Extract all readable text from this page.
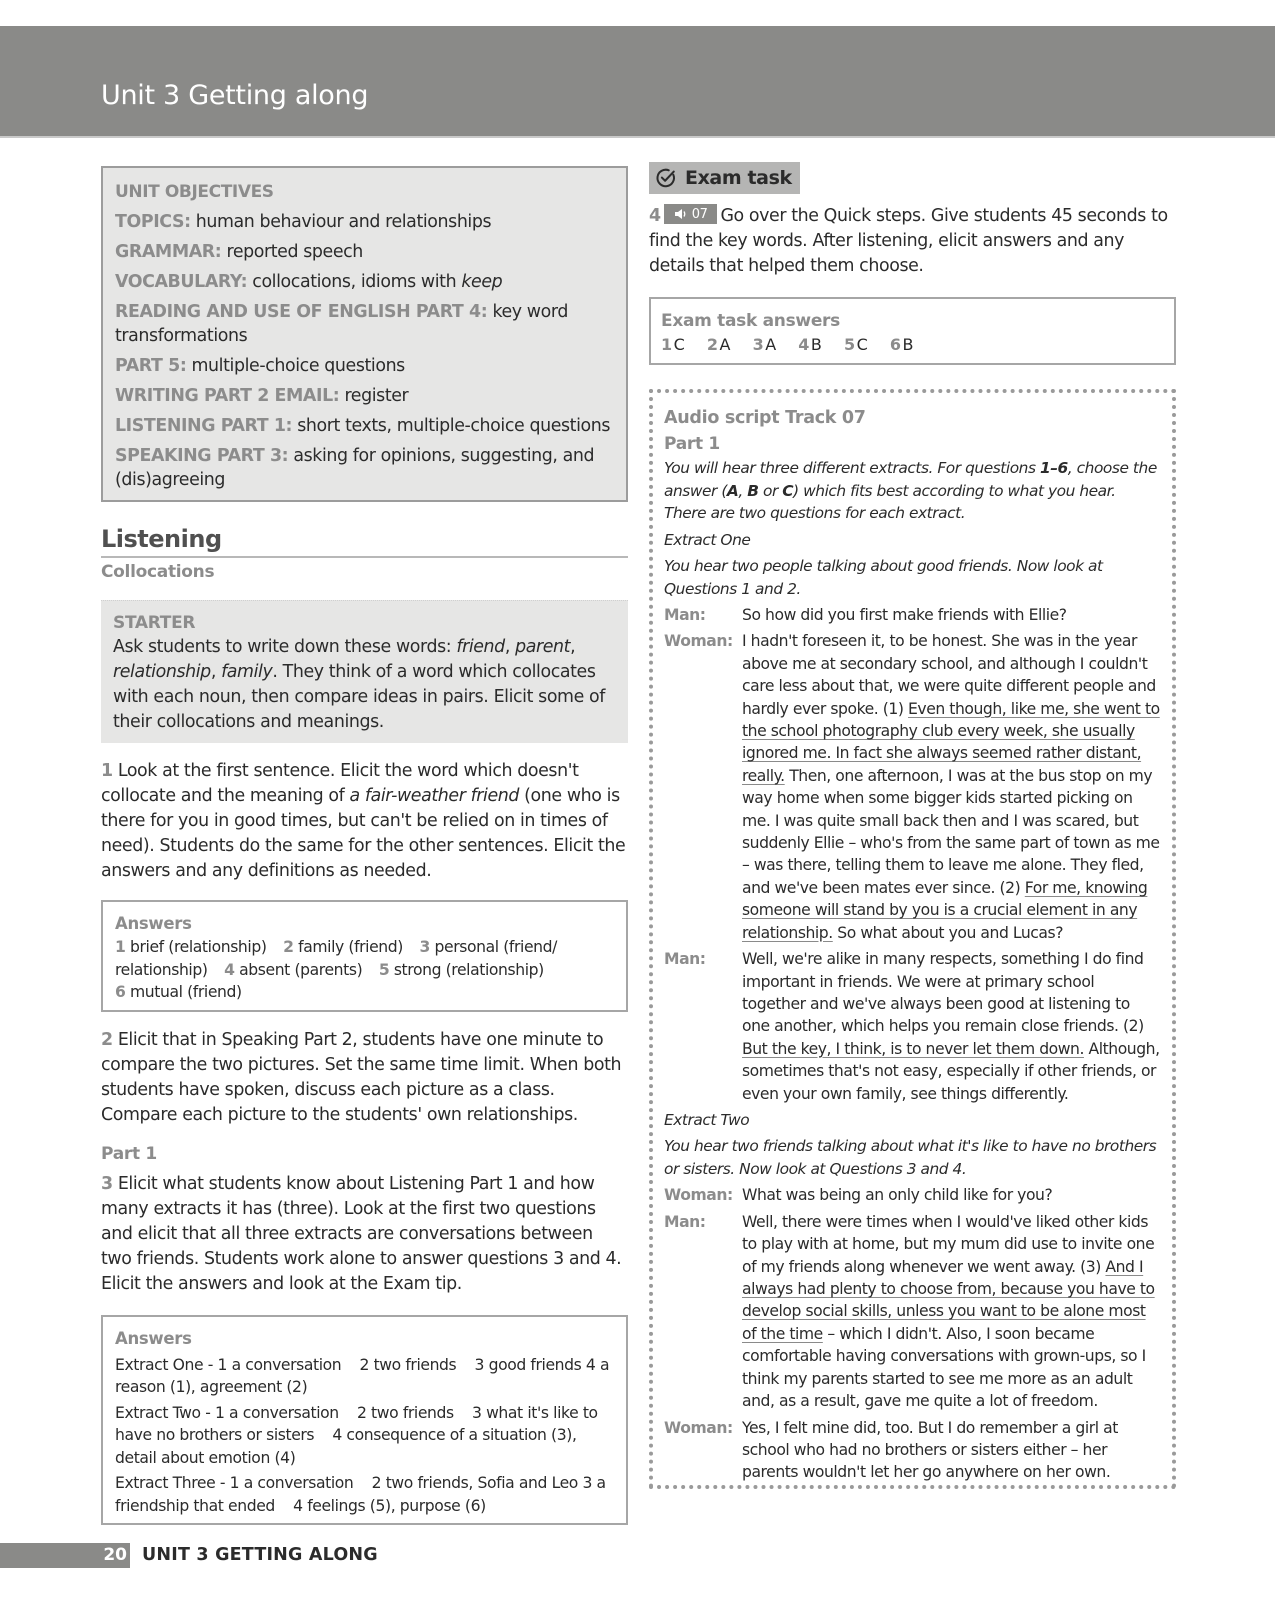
Unit 3 Getting along
UNIT OBJECTIVES
TOPICS: human behaviour and relationships
GRAMMAR: reported speech
VOCABULARY: collocations, idioms with keep
READING AND USE OF ENGLISH PART 4: key word transformations
PART 5: multiple-choice questions
WRITING PART 2 EMAIL: register
LISTENING PART 1: short texts, multiple-choice questions
SPEAKING PART 3: asking for opinions, suggesting, and (dis)agreeing
Listening
Collocations
STARTER
Ask students to write down these words: friend, parent, relationship, family. They think of a word which collocates with each noun, then compare ideas in pairs. Elicit some of their collocations and meanings.
1 Look at the first sentence. Elicit the word which doesn't collocate and the meaning of a fair-weather friend (one who is there for you in good times, but can't be relied on in times of need). Students do the same for the other sentences. Elicit the answers and any definitions as needed.
Answers
1 brief (relationship) 2 family (friend) 3 personal (friend/ relationship) 4 absent (parents) 5 strong (relationship)
6 mutual (friend)
2 Elicit that in Speaking Part 2, students have one minute to compare the two pictures. Set the same time limit. When both students have spoken, discuss each picture as a class. Compare each picture to the students' own relationships.
Part 1
3 Elicit what students know about Listening Part 1 and how many extracts it has (three). Look at the first two questions and elicit that all three extracts are conversations between two friends. Students work alone to answer questions 3 and 4. Elicit the answers and look at the Exam tip.
Answers
Extract One - 1 a conversation    2 two friends    3 good friends 4 a reason (1), agreement (2)
Extract Two - 1 a conversation    2 two friends    3 what it's like to have no brothers or sisters    4 consequence of a situation (3), detail about emotion (4)
Extract Three - 1 a conversation    2 two friends, Sofia and Leo 3 a friendship that ended    4 feelings (5), purpose (6)
Exam task
4 07 Go over the Quick steps. Give students 45 seconds to find the key words. After listening, elicit answers and any details that helped them choose.
Exam task answers
1C 2A 3A 4B 5C 6B
Audio script Track 07
Part 1
You will hear three different extracts. For questions 1–6, choose the answer (A, B or C) which fits best according to what you hear. There are two questions for each extract.
Extract One
You hear two people talking about good friends. Now look at Questions 1 and 2.
Man:	So how did you first make friends with Ellie?
Woman: I hadn't foreseen it, to be honest. She was in the year above me at secondary school, and although I couldn't care less about that, we were quite different people and hardly ever spoke. (1) Even though, like me, she went to the school photography club every week, she usually ignored me. In fact she always seemed rather distant, really. Then, one afternoon, I was at the bus stop on my way home when some bigger kids started picking on me. I was quite small back then and I was scared, but suddenly Ellie – who's from the same part of town as me – was there, telling them to leave me alone. They fled, and we've been mates ever since. (2) For me, knowing someone will stand by you is a crucial element in any relationship. So what about you and Lucas?
Man:	Well, we're alike in many respects, something I do find important in friends. We were at primary school together and we've always been good at listening to one another, which helps you remain close friends. (2) But the key, I think, is to never let them down. Although, sometimes that's not easy, especially if other friends, or even your own family, see things differently.
Extract Two
You hear two friends talking about what it's like to have no brothers or sisters. Now look at Questions 3 and 4.
Woman: What was being an only child like for you?
Man:	Well, there were times when I would've liked other kids to play with at home, but my mum did use to invite one of my friends along whenever we went away. (3) And I always had plenty to choose from, because you have to develop social skills, unless you want to be alone most of the time – which I didn't. Also, I soon became comfortable having conversations with grown-ups, so I think my parents started to see me more as an adult and, as a result, gave me quite a lot of freedom.
Woman: Yes, I felt mine did, too. But I do remember a girl at school who had no brothers or sisters either – her parents wouldn't let her go anywhere on her own.
20 UNIT 3 GETTING ALONG
